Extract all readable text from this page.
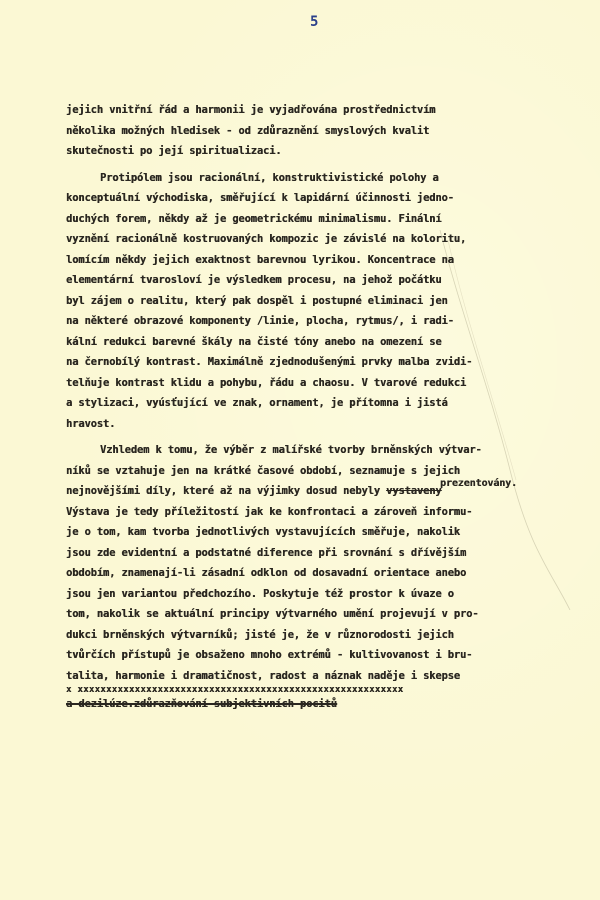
5
jejich vnitřní řád a harmonii je vyjadřována prostřednictvím
několika možných hledisek - od zdůraznění smyslových kvalit
skutečnosti po její spiritualizaci.
Protipólem jsou racionální, konstruktivistické polohy a
konceptuální východiska, směřující k lapidární účinnosti jedno-
duchých forem, někdy až je geometrickému minimalismu. Finální
vyznění racionálně kostruovaných kompozic je závislé na koloritu,
lomícím někdy jejich exaktnost barevnou lyrikou. Koncentrace na
elementární tvarosloví je výsledkem procesu, na jehož počátku
byl zájem o realitu, který pak dospěl i postupné eliminaci jen
na některé obrazové komponenty /linie, plocha, rytmus/, i radi-
kální redukci barevné škály na čisté tóny anebo na omezení se
na černobílý kontrast. Maximálně zjednodušenými prvky malba zvidi-
telňuje kontrast klidu a pohybu, řádu a chaosu. V tvarové redukci
a stylizaci, vyúsťující ve znak, ornament, je přítomna i jistá
hravost.
Vzhledem k tomu, že výběr z malířské tvorby brněnských výtvar-
níků se vztahuje jen na krátké časové období, seznamuje s jejich
nejnovějšími díly, které až na výjimky dosud nebyly vystaveny
prezentovány.
Výstava je tedy příležitostí jak ke konfrontaci a zároveň informu-
je o tom, kam tvorba jednotlivých vystavujících směřuje, nakolik
jsou zde evidentní a podstatné diference při srovnání s dřívějším
obdobím, znamenají-li zásadní odklon od dosavadní orientace anebo
jsou jen variantou předchozího. Poskytuje též prostor k úvaze o
tom, nakolik se aktuální principy výtvarného umění projevují v pro-
dukci brněnských výtvarníků; jisté je, že v různorodosti jejich
tvůrčích přístupů je obsaženo mnoho extrémů - kultivovanost i bru-
talita, harmonie i dramatičnost, radost a náznak naděje i skepse
x xxxxxxxxxxxxxxxxxxxxxxxxxxxxxxxxxxxxxxxxxxxxxxxxxxxxxxxxx
a dezilúze.zdůrazňování subjektivních pocitů
